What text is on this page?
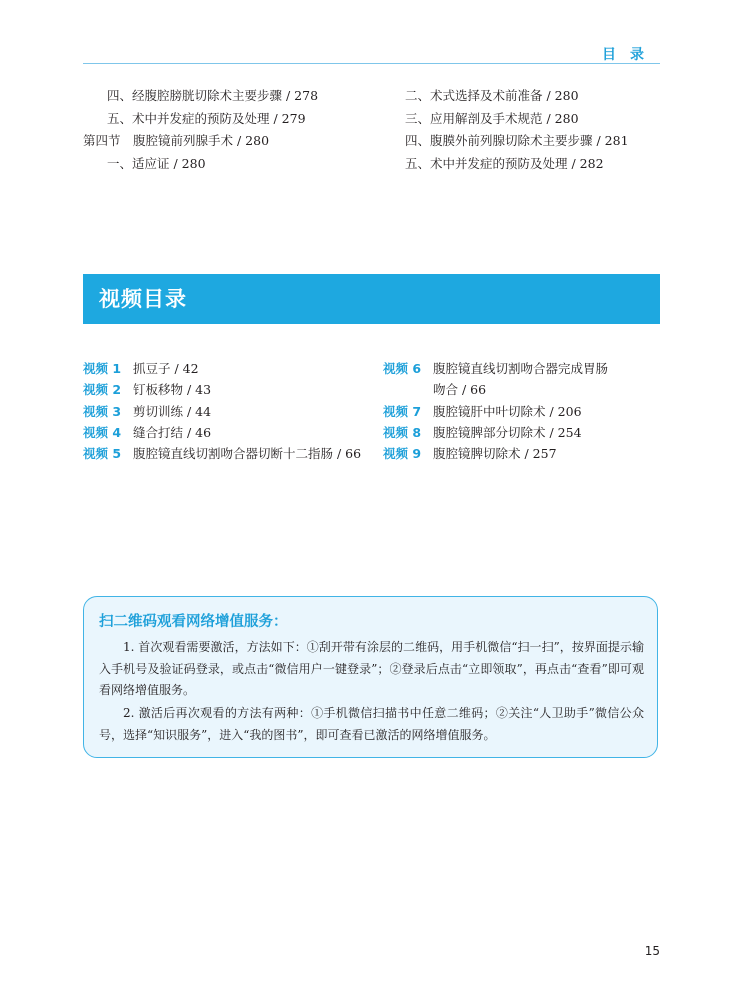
目录
四、经腹腔膀胱切除术主要步骤 / 278
五、术中并发症的预防及处理 / 279
第四节　腹腔镜前列腺手术 / 280
一、适应证 / 280
二、术式选择及术前准备 / 280
三、应用解剖及手术规范 / 280
四、腹膜外前列腺切除术主要步骤 / 281
五、术中并发症的预防及处理 / 282
视频目录
视频 1 抓豆子 / 42
视频 2 钉板移物 / 43
视频 3 剪切训练 / 44
视频 4 缝合打结 / 46
视频 5 腹腔镜直线切割吻合器切断十二指肠 / 66
视频 6 腹腔镜直线切割吻合器完成胃肠
吻合 / 66
视频 7 腹腔镜肝中叶切除术 / 206
视频 8 腹腔镜脾部分切除术 / 254
视频 9 腹腔镜脾切除术 / 257
扫二维码观看网络增值服务：

1. 首次观看需要激活，方法如下：①刮开带有涂层的二维码，用手机微信“扫一扫”，按界面提示输入手机号及验证码登录，或点击“微信用户一键登录”；②登录后点击“立即领取”，再点击“查看”即可观看网络增值服务。

2. 激活后再次观看的方法有两种：①手机微信扫描书中任意二维码；②关注“人卫助手”微信公众号，选择“知识服务”，进入“我的图书”，即可查看已激活的网络增值服务。

15
